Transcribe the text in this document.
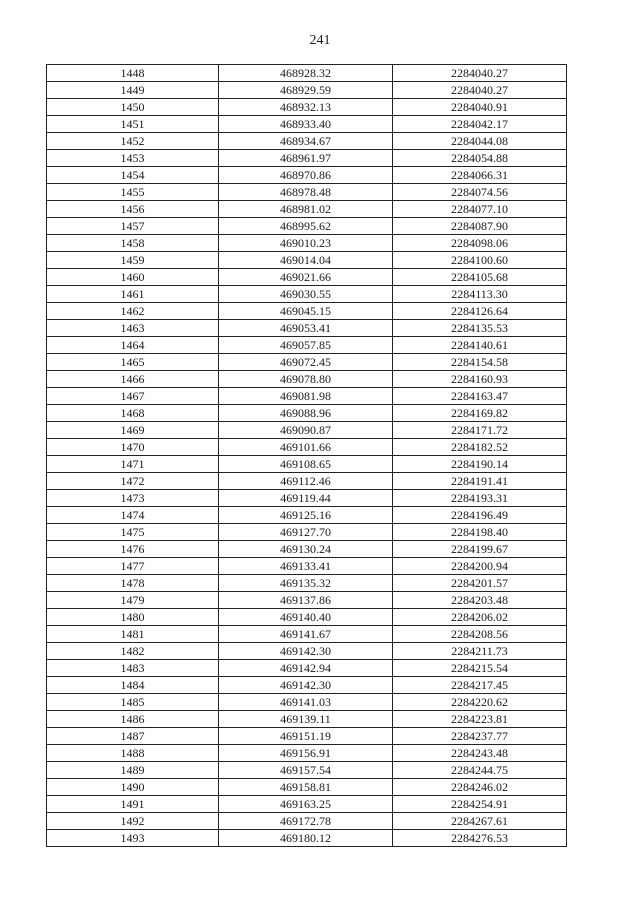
241
1448	468928.32	2284040.27
1449	468929.59	2284040.27
1450	468932.13	2284040.91
1451	468933.40	2284042.17
1452	468934.67	2284044.08
1453	468961.97	2284054.88
1454	468970.86	2284066.31
1455	468978.48	2284074.56
1456	468981.02	2284077.10
1457	468995.62	2284087.90
1458	469010.23	2284098.06
1459	469014.04	2284100.60
1460	469021.66	2284105.68
1461	469030.55	2284113.30
1462	469045.15	2284126.64
1463	469053.41	2284135.53
1464	469057.85	2284140.61
1465	469072.45	2284154.58
1466	469078.80	2284160.93
1467	469081.98	2284163.47
1468	469088.96	2284169.82
1469	469090.87	2284171.72
1470	469101.66	2284182.52
1471	469108.65	2284190.14
1472	469112.46	2284191.41
1473	469119.44	2284193.31
1474	469125.16	2284196.49
1475	469127.70	2284198.40
1476	469130.24	2284199.67
1477	469133.41	2284200.94
1478	469135.32	2284201.57
1479	469137.86	2284203.48
1480	469140.40	2284206.02
1481	469141.67	2284208.56
1482	469142.30	2284211.73
1483	469142.94	2284215.54
1484	469142.30	2284217.45
1485	469141.03	2284220.62
1486	469139.11	2284223.81
1487	469151.19	2284237.77
1488	469156.91	2284243.48
1489	469157.54	2284244.75
1490	469158.81	2284246.02
1491	469163.25	2284254.91
1492	469172.78	2284267.61
1493	469180.12	2284276.53
